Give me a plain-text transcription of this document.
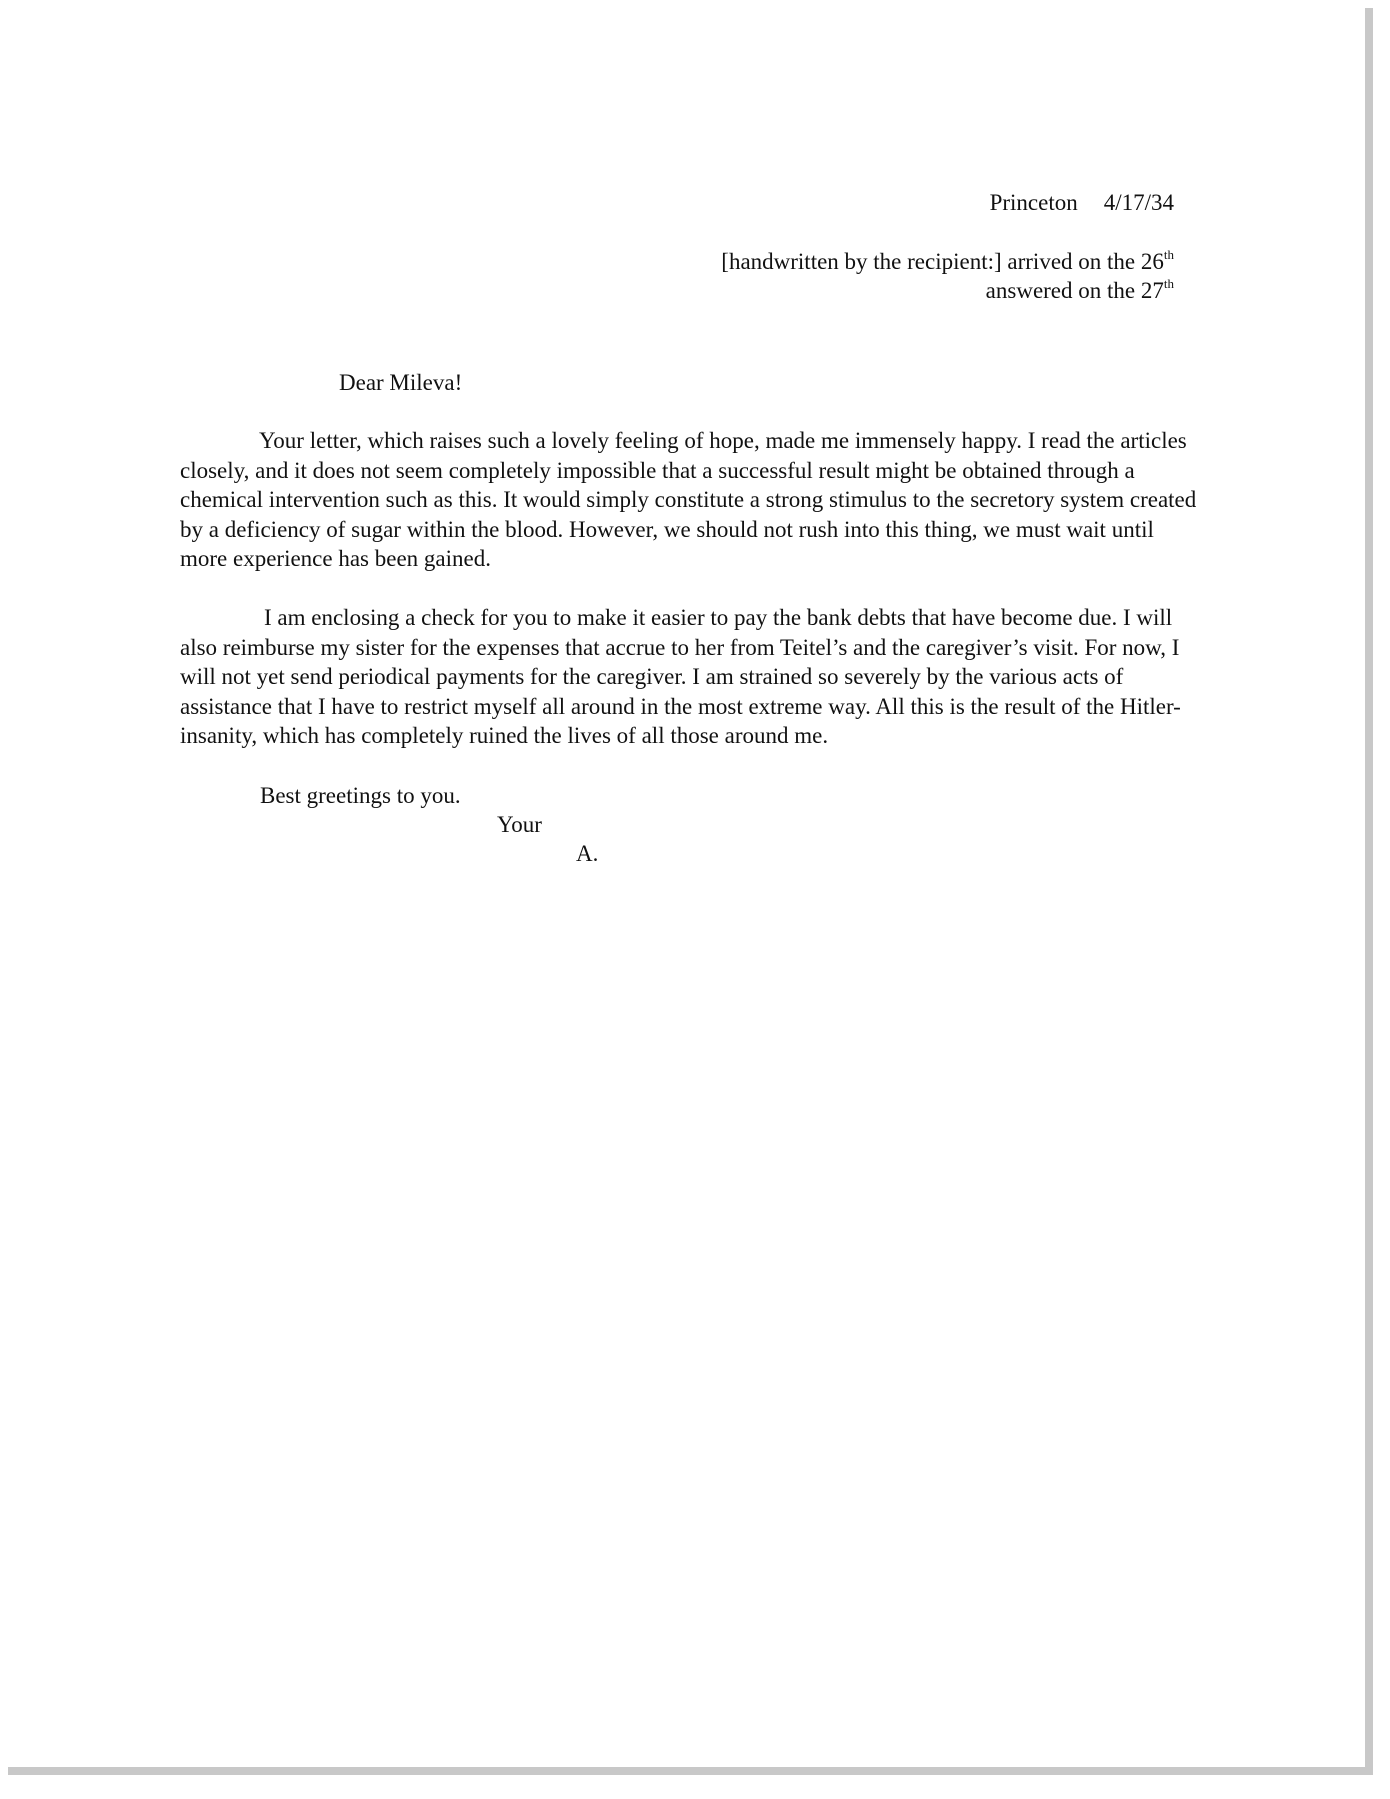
Princeton 4/17/34
[handwritten by the recipient:] arrived on the 26th
answered on the 27th
Dear Mileva!
Your letter, which raises such a lovely feeling of hope, made me immensely happy. I read the articles closely, and it does not seem completely impossible that a successful result might be obtained through a chemical intervention such as this. It would simply constitute a strong stimulus to the secretory system created by a deficiency of sugar within the blood. However, we should not rush into this thing, we must wait until more experience has been gained.
I am enclosing a check for you to make it easier to pay the bank debts that have become due. I will also reimburse my sister for the expenses that accrue to her from Teitel’s and the caregiver’s visit. For now, I will not yet send periodical payments for the caregiver. I am strained so severely by the various acts of assistance that I have to restrict myself all around in the most extreme way. All this is the result of the Hitler-insanity, which has completely ruined the lives of all those around me.
Best greetings to you.
Your
A.
